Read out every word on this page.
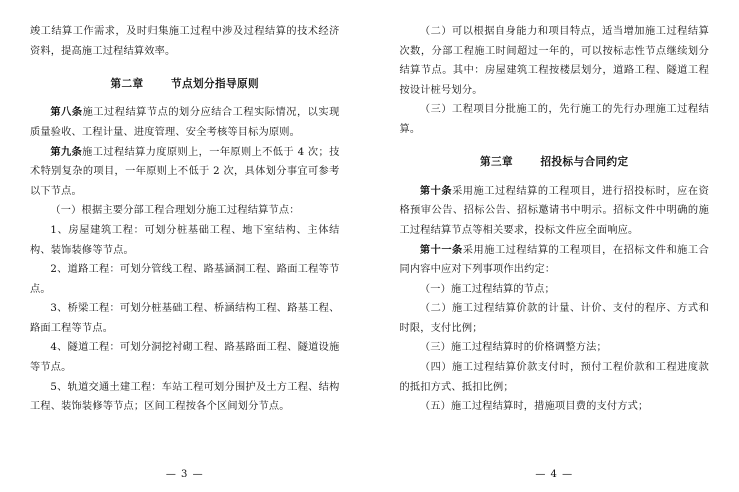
竣工结算工作需求，及时归集施工过程中涉及过程结算的技术经济资料，提高施工过程结算效率。

第二章	节点划分指导原则

第八条施工过程结算节点的划分应结合工程实际情况，以实现质量验收、工程计量、进度管理、安全考核等目标为原则。

第九条施工过程结算力度原则上，一年原则上不低于 4 次；技术特别复杂的项目，一年原则上不低于 2 次，具体划分事宜可参考以下节点。

（一）根据主要分部工程合理划分施工过程结算节点：

1、房屋建筑工程：可划分桩基础工程、地下室结构、主体结构、装饰装修等节点。

2、道路工程：可划分管线工程、路基涵洞工程、路面工程等节点。

3、桥梁工程：可划分桩基础工程、桥涵结构工程、路基工程、路面工程等节点。

4、隧道工程：可划分洞挖衬砌工程、路基路面工程、隧道设施等节点。

5、轨道交通土建工程：车站工程可划分围护及土方工程、结构工程、装饰装修等节点；区间工程按各个区间划分节点。

— 3 —

（二）可以根据自身能力和项目特点，适当增加施工过程结算次数，分部工程施工时间超过一年的，可以按标志性节点继续划分结算节点。其中：房屋建筑工程按楼层划分，道路工程、隧道工程按设计桩号划分。

（三）工程项目分批施工的，先行施工的先行办理施工过程结算。

第三章	招投标与合同约定

第十条采用施工过程结算的工程项目，进行招投标时，应在资格预审公告、招标公告、招标邀请书中明示。招标文件中明确的施工过程结算节点等相关要求，投标文件应全面响应。

第十一条采用施工过程结算的工程项目，在招标文件和施工合同内容中应对下列事项作出约定：

（一）施工过程结算的节点；

（二）施工过程结算价款的计量、计价、支付的程序、方式和时限，支付比例；

（三）施工过程结算时的价格调整方法；

（四）施工过程结算价款支付时，预付工程价款和工程进度款的抵扣方式、抵扣比例；

（五）施工过程结算时，措施项目费的支付方式；

— 4 —
